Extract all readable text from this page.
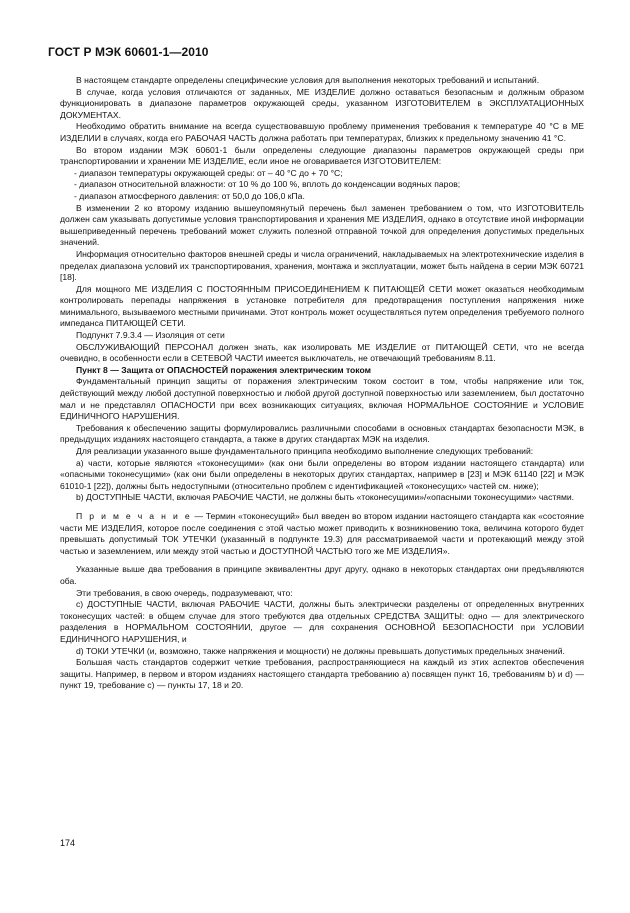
ГОСТ Р МЭК 60601-1—2010

В настоящем стандарте определены специфические условия для выполнения некоторых требований и испытаний.

В случае, когда условия отличаются от заданных, МЕ ИЗДЕЛИЕ должно оставаться безопасным и должным образом функционировать в диапазоне параметров окружающей среды, указанном ИЗГОТОВИТЕЛЕМ в ЭКСПЛУАТАЦИОННЫХ ДОКУМЕНТАХ.

Необходимо обратить внимание на всегда существовавшую проблему применения требования к температуре 40 °С в МЕ ИЗДЕЛИИ в случаях, когда его РАБОЧАЯ ЧАСТЬ должна работать при температурах, близких к предельному значению 41 °С.

Во втором издании МЭК 60601-1 были определены следующие диапазоны параметров окружающей среды при транспортировании и хранении МЕ ИЗДЕЛИЕ, если иное не оговаривается ИЗГОТОВИТЕЛЕМ:

- диапазон температуры окружающей среды: от – 40 °С до + 70 °С;

- диапазон относительной влажности: от 10 % до 100 %, вплоть до конденсации водяных паров;

- диапазон атмосферного давления: от 50,0 до 106,0 кПа.

В изменении 2 ко второму изданию вышеупомянутый перечень был заменен требованием о том, что ИЗГОТОВИТЕЛЬ должен сам указывать допустимые условия транспортирования и хранения МЕ ИЗДЕЛИЯ, однако в отсутствие иной информации вышеприведенный перечень требований может служить полезной отправной точкой для определения допустимых предельных значений.

Информация относительно факторов внешней среды и числа ограничений, накладываемых на электротехнические изделия в пределах диапазона условий их транспортирования, хранения, монтажа и эксплуатации, может быть найдена в серии МЭК 60721 [18].

Для мощного МЕ ИЗДЕЛИЯ С ПОСТОЯННЫМ ПРИСОЕДИНЕНИЕМ К ПИТАЮЩЕЙ СЕТИ может оказаться необходимым контролировать перепады напряжения в установке потребителя для предотвращения поступления напряжения ниже минимального, вызываемого местными причинами. Этот контроль может осуществляться путем определения требуемого полного импеданса ПИТАЮЩЕЙ СЕТИ.

Подпункт 7.9.3.4 — Изоляция от сети

ОБСЛУЖИВАЮЩИЙ ПЕРСОНАЛ должен знать, как изолировать МЕ ИЗДЕЛИЕ от ПИТАЮЩЕЙ СЕТИ, что не всегда очевидно, в особенности если в СЕТЕВОЙ ЧАСТИ имеется выключатель, не отвечающий требованиям 8.11.

Пункт 8 — Защита от ОПАСНОСТЕЙ поражения электрическим током

Фундаментальный принцип защиты от поражения электрическим током состоит в том, чтобы напряжение или ток, действующий между любой доступной поверхностью и любой другой доступной поверхностью или заземлением, был достаточно мал и не представлял ОПАСНОСТИ при всех возникающих ситуациях, включая НОРМАЛЬНОЕ СОСТОЯНИЕ и УСЛОВИЕ ЕДИНИЧНОГО НАРУШЕНИЯ.

Требования к обеспечению защиты формулировались различными способами в основных стандартах безопасности МЭК, в предыдущих изданиях настоящего стандарта, а также в других стандартах МЭК на изделия.

Для реализации указанного выше фундаментального принципа необходимо выполнение следующих требований:

а) части, которые являются «токонесущими» (как они были определены во втором издании настоящего стандарта) или «опасными токонесущими» (как они были определены в некоторых других стандартах, например в [23] и МЭК 61140 [22] и МЭК 61010-1 [22]), должны быть недоступными (относительно проблем с идентификацией «токонесущих» частей см. ниже);

b) ДОСТУПНЫЕ ЧАСТИ, включая РАБОЧИЕ ЧАСТИ, не должны быть «токонесущими»/«опасными токонесущими» частями.

П р и м е ч а н и е — Термин «токонесущий» был введен во втором издании настоящего стандарта как «состояние части МЕ ИЗДЕЛИЯ, которое после соединения с этой частью может приводить к возникновению тока, величина которого будет превышать допустимый ТОК УТЕЧКИ (указанный в подпункте 19.3) для рассматриваемой части и протекающий между этой частью и заземлением, или между этой частью и ДОСТУПНОЙ ЧАСТЬЮ того же МЕ ИЗДЕЛИЯ».

Указанные выше два требования в принципе эквивалентны друг другу, однако в некоторых стандартах они предъявляются оба.

Эти требования, в свою очередь, подразумевают, что:

c) ДОСТУПНЫЕ ЧАСТИ, включая РАБОЧИЕ ЧАСТИ, должны быть электрически разделены от определенных внутренних токонесущих частей: в общем случае для этого требуются два отдельных СРЕДСТВА ЗАЩИТЫ: одно — для электрического разделения в НОРМАЛЬНОМ СОСТОЯНИИ, другое — для сохранения ОСНОВНОЙ БЕЗОПАСНОСТИ при УСЛОВИИ ЕДИНИЧНОГО НАРУШЕНИЯ, и

d) ТОКИ УТЕЧКИ (и, возможно, также напряжения и мощности) не должны превышать допустимых предельных значений.

Большая часть стандартов содержит четкие требования, распространяющиеся на каждый из этих аспектов обеспечения защиты. Например, в первом и втором изданиях настоящего стандарта требованию а) посвящен пункт 16, требованиям b) и d) — пункт 19, требование c) — пункты 17, 18 и 20.

174
